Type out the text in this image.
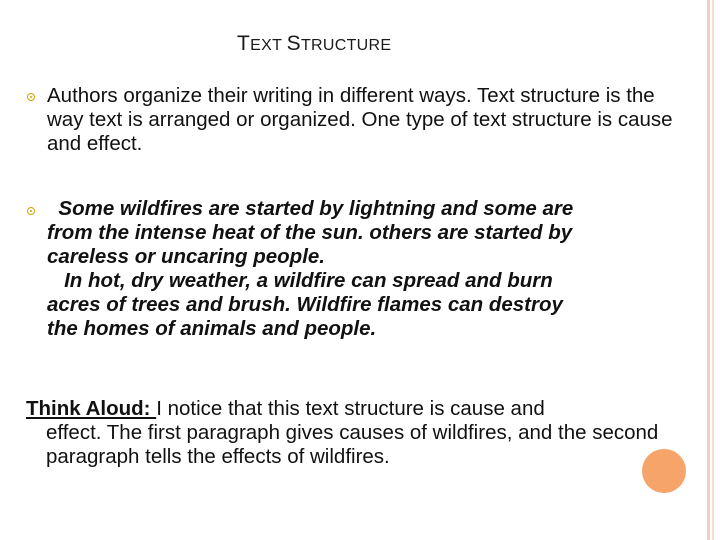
TEXT STRUCTURE
Authors organize their writing in different ways. Text structure is the way text is arranged or organized. One type of text structure is cause and effect.
Some wildfires are started by lightning and some are
from the intense heat of the sun. others are started by
careless or uncaring people.
In hot, dry weather, a wildfire can spread and burn
acres of trees and brush. Wildfire flames can destroy
the homes of animals and people.
Think Aloud: I notice that this text structure is cause and
effect. The first paragraph gives causes of wildfires, and the second paragraph tells the effects of wildfires.
